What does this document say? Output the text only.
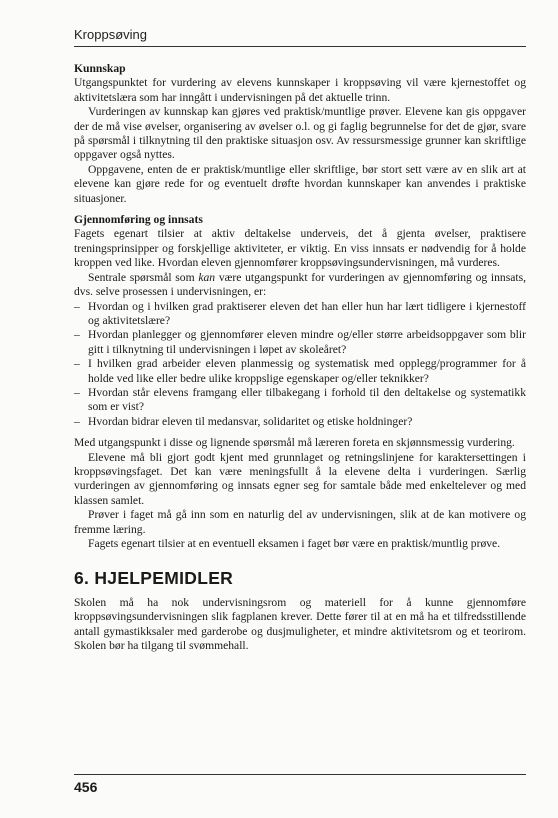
Kroppsøving

Kunnskap

Utgangspunktet for vurdering av elevens kunnskaper i kroppsøving vil være kjernestoffet og aktivitetslæra som har inngått i undervisningen på det aktuelle trinn.

Vurderingen av kunnskap kan gjøres ved praktisk/muntlige prøver. Elevene kan gis oppgaver der de må vise øvelser, organisering av øvelser o.l. og gi faglig begrunnelse for det de gjør, svare på spørsmål i tilknytning til den praktiske situasjon osv. Av ressursmessige grunner kan skriftlige oppgaver også nyttes.

Oppgavene, enten de er praktisk/muntlige eller skriftlige, bør stort sett være av en slik art at elevene kan gjøre rede for og eventuelt drøfte hvordan kunnskaper kan anvendes i praktiske situasjoner.

Gjennomføring og innsats

Fagets egenart tilsier at aktiv deltakelse underveis, det å gjenta øvelser, praktisere treningsprinsipper og forskjellige aktiviteter, er viktig. En viss innsats er nødvendig for å holde kroppen ved like. Hvordan eleven gjennomfører kroppsøvingsundervisningen, må vurderes.

Sentrale spørsmål som kan være utgangspunkt for vurderingen av gjennomføring og innsats, dvs. selve prosessen i undervisningen, er:

– Hvordan og i hvilken grad praktiserer eleven det han eller hun har lært tidligere i kjernestoff og aktivitetslære?
– Hvordan planlegger og gjennomfører eleven mindre og/eller større arbeidsoppgaver som blir gitt i tilknytning til undervisningen i løpet av skoleåret?
– I hvilken grad arbeider eleven planmessig og systematisk med opplegg/programmer for å holde ved like eller bedre ulike kroppslige egenskaper og/eller teknikker?
– Hvordan står elevens framgang eller tilbakegang i forhold til den deltakelse og systematikk som er vist?
– Hvordan bidrar eleven til medansvar, solidaritet og etiske holdninger?

Med utgangspunkt i disse og lignende spørsmål må læreren foreta en skjønnsmessig vurdering.

Elevene må bli gjort godt kjent med grunnlaget og retningslinjene for karaktersettingen i kroppsøvingsfaget. Det kan være meningsfullt å la elevene delta i vurderingen. Særlig vurderingen av gjennomføring og innsats egner seg for samtale både med enkeltelever og med klassen samlet.

Prøver i faget må gå inn som en naturlig del av undervisningen, slik at de kan motivere og fremme læring.

Fagets egenart tilsier at en eventuell eksamen i faget bør være en praktisk/muntlig prøve.

6. HJELPEMIDLER

Skolen må ha nok undervisningsrom og materiell for å kunne gjennomføre kroppsøvingsundervisningen slik fagplanen krever. Dette fører til at en må ha et tilfredsstillende antall gymastikksaler med garderobe og dusjmuligheter, et mindre aktivitetsrom og et teorirom. Skolen bør ha tilgang til svømmehall.

456
